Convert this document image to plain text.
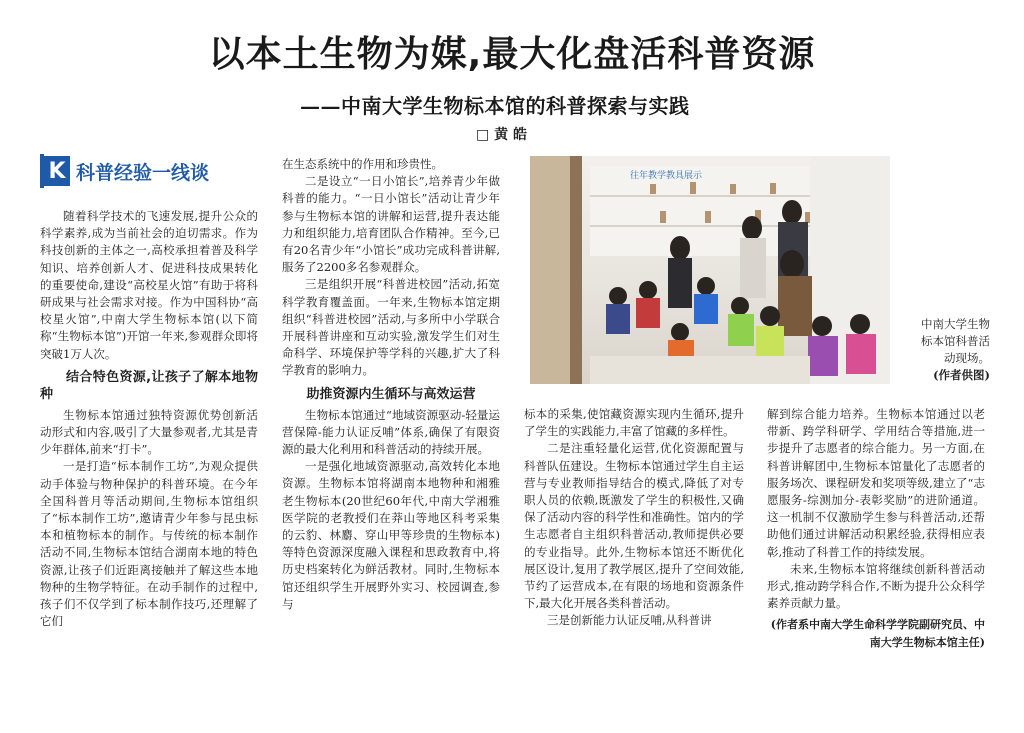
以本土生物为媒,最大化盘活科普资源
——中南大学生物标本馆的科普探索与实践
□ 黄 皓
K 科普经验一线谈

随着科学技术的飞速发展,提升公众的科学素养,成为当前社会的迫切需求。作为科技创新的主体之一,高校承担着普及科学知识、培养创新人才、促进科技成果转化的重要使命,建设“高校星火馆”有助于将科研成果与社会需求对接。作为中国科协“高校星火馆”,中南大学生物标本馆(以下简称“生物标本馆”)开馆一年来,参观群众即将突破1万人次。

结合特色资源,让孩子了解本地物种

生物标本馆通过独特资源优势创新活动形式和内容,吸引了大量参观者,尤其是青少年群体,前来“打卡”。

一是打造“标本制作工坊”,为观众提供动手体验与物种保护的科普环境。在今年全国科普月等活动期间,生物标本馆组织了“标本制作工坊”,邀请青少年参与昆虫标本和植物标本的制作。与传统的标本制作活动不同,生物标本馆结合湖南本地的特色资源,让孩子们近距离接触并了解这些本地物种的生物学特征。在动手制作的过程中,孩子们不仅学到了标本制作技巧,还理解了它们

在生态系统中的作用和珍贵性。

二是设立“一日小馆长”,培养青少年做科普的能力。“一日小馆长”活动让青少年参与生物标本馆的讲解和运营,提升表达能力和组织能力,培育团队合作精神。至今,已有20名青少年“小馆长”成功完成科普讲解,服务了2200多名参观群众。

三是组织开展“科普进校园”活动,拓宽科学教育覆盖面。一年来,生物标本馆定期组织“科普进校园”活动,与多所中小学联合开展科普讲座和互动实验,激发学生们对生命科学、环境保护等学科的兴趣,扩大了科学教育的影响力。

助推资源内生循环与高效运营

生物标本馆通过“地域资源驱动-轻量运营保障-能力认证反哺”体系,确保了有限资源的最大化利用和科普活动的持续开展。

一是强化地域资源驱动,高效转化本地资源。生物标本馆将湖南本地物种和湘雅老生物标本(20世纪60年代,中南大学湘雅医学院的老教授们在莽山等地区科考采集的云豹、林麝、穿山甲等珍贵的生物标本)等特色资源深度融入课程和思政教育中,将历史档案转化为鲜活教材。同时,生物标本馆还组织学生开展野外实习、校园调查,参与

往年教学教具展示
中南大学生物标本馆科普活动现场。
(作者供图)

标本的采集,使馆藏资源实现内生循环,提升了学生的实践能力,丰富了馆藏的多样性。

二是注重轻量化运营,优化资源配置与科普队伍建设。生物标本馆通过学生自主运营与专业教师指导结合的模式,降低了对专职人员的依赖,既激发了学生的积极性,又确保了活动内容的科学性和准确性。馆内的学生志愿者自主组织科普活动,教师提供必要的专业指导。此外,生物标本馆还不断优化展区设计,复用了教学展区,提升了空间效能,节约了运营成本,在有限的场地和资源条件下,最大化开展各类科普活动。

三是创新能力认证反哺,从科普讲

解到综合能力培养。生物标本馆通过以老带新、跨学科研学、学用结合等措施,进一步提升了志愿者的综合能力。另一方面,在科普讲解团中,生物标本馆量化了志愿者的服务场次、课程研发和奖项等级,建立了“志愿服务-综测加分-表彰奖励”的进阶通道。这一机制不仅激励学生参与科普活动,还帮助他们通过讲解活动积累经验,获得相应表彰,推动了科普工作的持续发展。

未来,生物标本馆将继续创新科普活动形式,推动跨学科合作,不断为提升公众科学素养贡献力量。

(作者系中南大学生命科学学院副研究员、中南大学生物标本馆主任)
